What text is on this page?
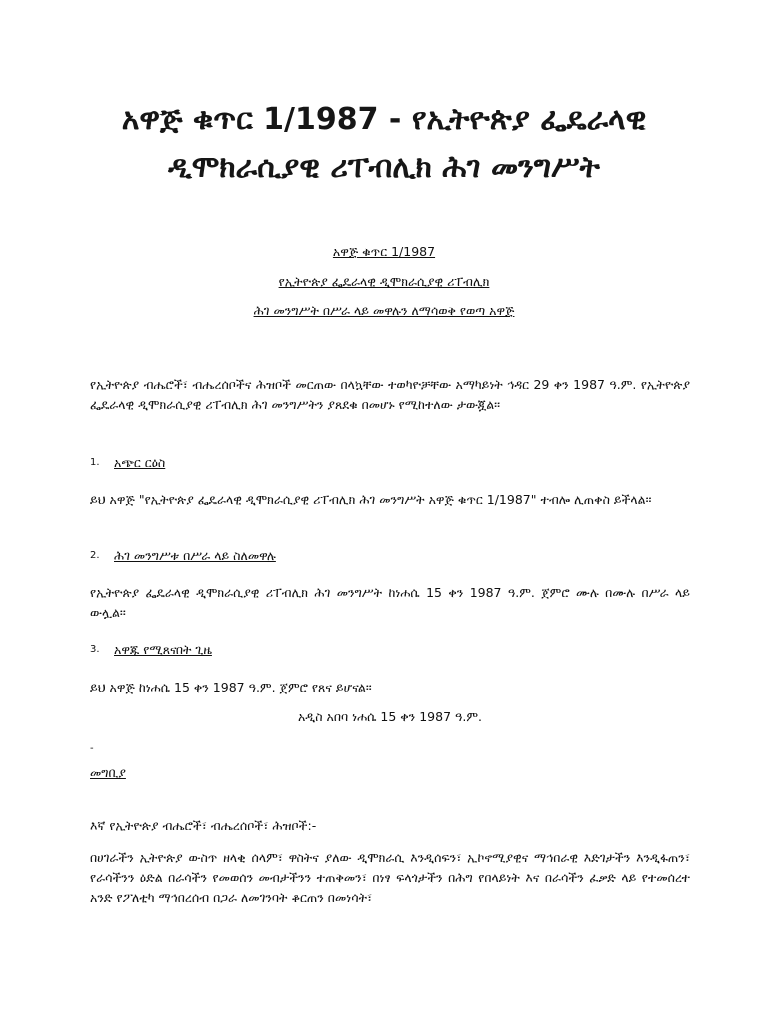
አዋጅ ቁጥር 1/1987 - የኢትዮጵያ ፌዴራላዊ ዲሞክራሲያዊ ሪፐብሊክ ሕገ መንግሥት

አዋጅ ቁጥር 1/1987

የኢትዮጵያ ፌዴራላዊ ዲሞክራሲያዊ ሪፐብሊክ

ሕገ መንግሥት በሥራ ላይ መዋሉን ለማሳወቅ የወጣ አዋጅ

የኢትዮጵያ ብሔሮች፣ ብሔረሰቦችና ሕዝቦች መርጠው በላኳቸው ተወካዮቻቸው አማካይነት ኅዳር 29 ቀን 1987 ዓ.ም. የኢትዮጵያ ፌዴራላዊ ዲሞክራሲያዊ ሪፐብሊክ ሕገ መንግሥትን ያጸደቁ በመሆኑ የሚከተለው ታውጇል፡፡

1.	አጭር ርዕስ

ይህ አዋጅ "የኢትዮጵያ ፌዴራላዊ ዲሞክራሲያዊ ሪፐብሊክ ሕገ መንግሥት አዋጅ ቁጥር 1/1987" ተብሎ ሊጠቀስ ይችላል፡፡

2.	ሕገ መንግሥቱ በሥራ ላይ ስለመዋሉ

የኢትዮጵያ ፌዴራላዊ ዲሞክራሲያዊ ሪፐብሊክ ሕገ መንግሥት ከነሐሴ 15 ቀን 1987 ዓ.ም. ጀምሮ ሙሉ በሙሉ በሥራ ላይ ውሏል፡፡

3.	አዋጁ የሚጸናበት ጊዜ

ይህ አዋጅ ከነሐሴ 15 ቀን 1987 ዓ.ም. ጀምሮ የጸና ይሆናል፡፡

አዲስ አበባ ነሐሴ 15 ቀን 1987 ዓ.ም.

-

መግቢያ

እኛ የኢትዮጵያ ብሔሮች፣ ብሔረሰቦች፣ ሕዝቦች:-

በሀገራችን ኢትዮጵያ ውስጥ ዘላቂ ሰላም፣ ዋስትና ያለው ዲሞክራሲ እንዲሰፍን፣ ኢኮኖሚያዊና ማኅበራዊ እድገታችን እንዲፋጠን፣ የራሳችንን ዕድል በራሳችን የመወሰን መብታችንን ተጠቅመን፣ በነፃ ፍላጎታችን በሕግ የበላይነት እና በራሳችን ፈቃድ ላይ የተመሰረተ አንድ የፖለቲካ ማኅበረሰብ በጋራ ለመገንባት ቆርጠን በመነሳት፣
